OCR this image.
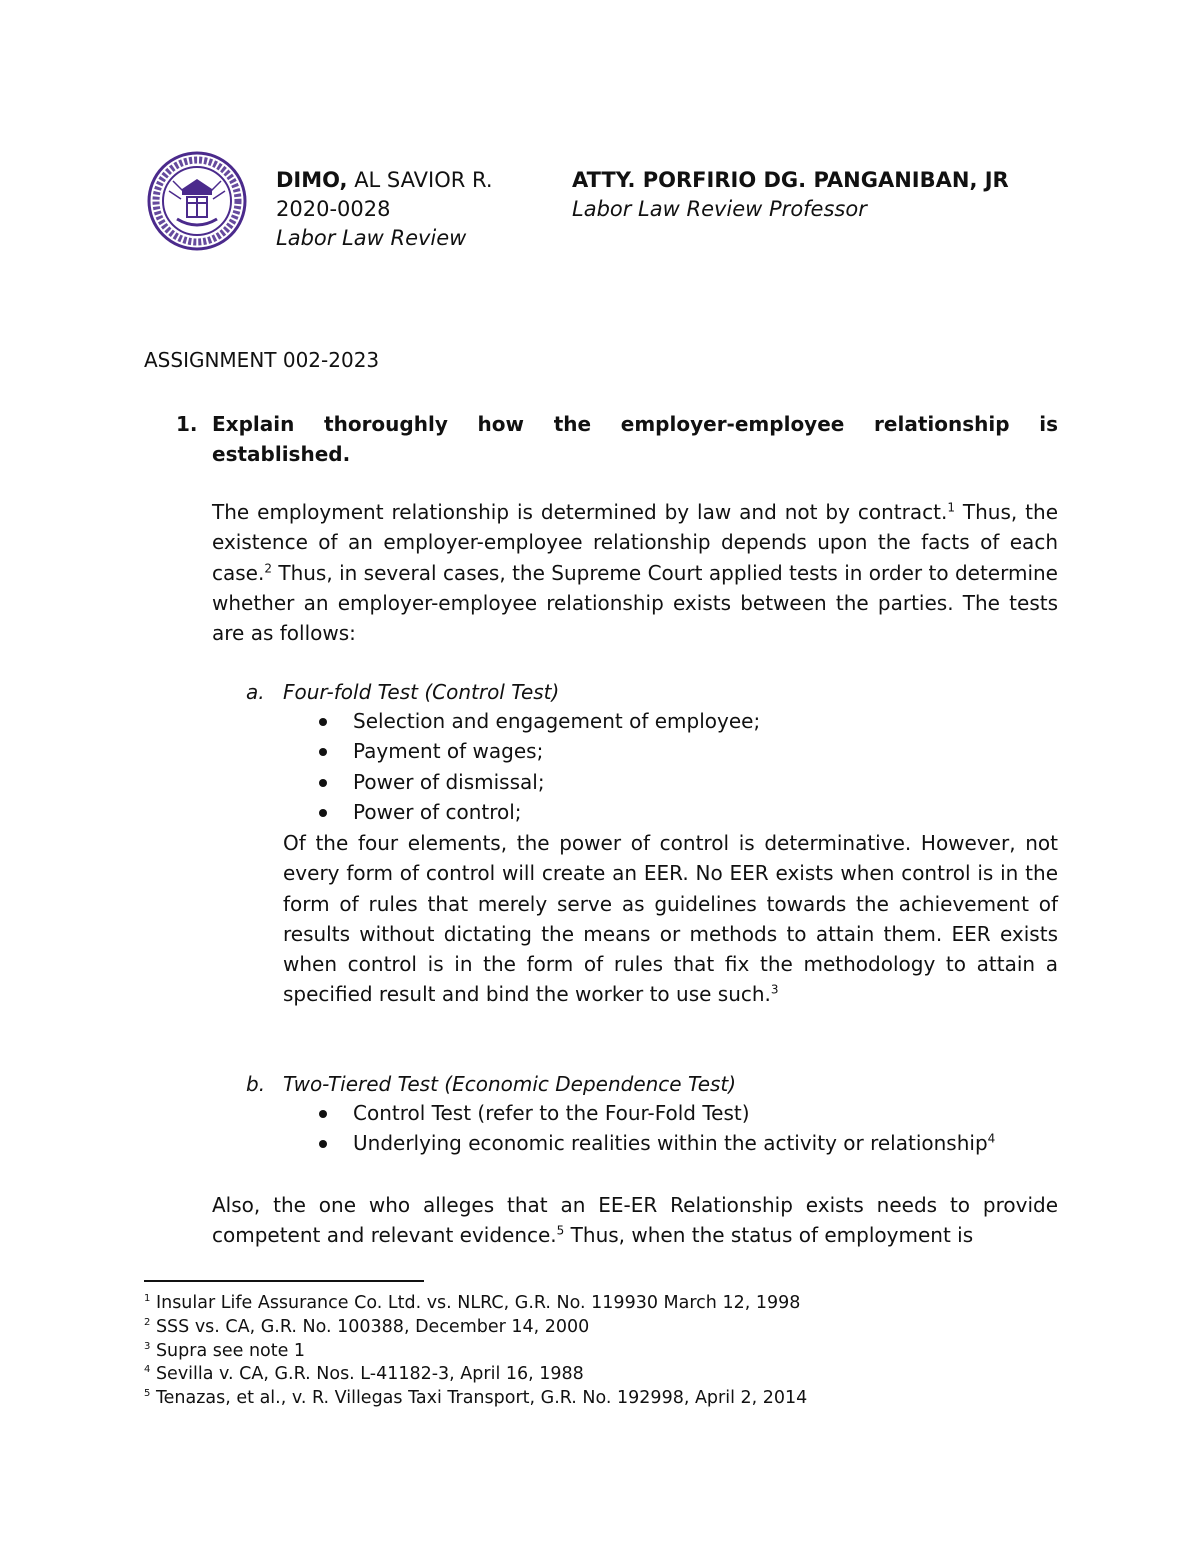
DIMO, AL SAVIOR R.
2020-0028
Labor Law Review
ATTY. PORFIRIO DG. PANGANIBAN, JR
Labor Law Review Professor
ASSIGNMENT 002-2023
1. Explain thoroughly how the employer-employee relationship is established.
The employment relationship is determined by law and not by contract.$^1$ Thus, the existence of an employer-employee relationship depends upon the facts of each case.$^2$ Thus, in several cases, the Supreme Court applied tests in order to determine whether an employer-employee relationship exists between the parties. The tests are as follows:
a. Four-fold Test (Control Test)
Selection and engagement of employee;
Payment of wages;
Power of dismissal;
Power of control;
Of the four elements, the power of control is determinative. However, not every form of control will create an EER. No EER exists when control is in the form of rules that merely serve as guidelines towards the achievement of results without dictating the means or methods to attain them. EER exists when control is in the form of rules that fix the methodology to attain a specified result and bind the worker to use such.$^3$
b. Two-Tiered Test (Economic Dependence Test)
Control Test (refer to the Four-Fold Test)
Underlying economic realities within the activity or relationship$^4$
Also, the one who alleges that an EE-ER Relationship exists needs to provide competent and relevant evidence.$^5$ Thus, when the status of employment is
$^1$ Insular Life Assurance Co. Ltd. vs. NLRC, G.R. No. 119930 March 12, 1998
$^2$ SSS vs. CA, G.R. No. 100388, December 14, 2000
$^3$ Supra see note 1
$^4$ Sevilla v. CA, G.R. Nos. L-41182-3, April 16, 1988
$^5$ Tenazas, et al., v. R. Villegas Taxi Transport, G.R. No. 192998, April 2, 2014
